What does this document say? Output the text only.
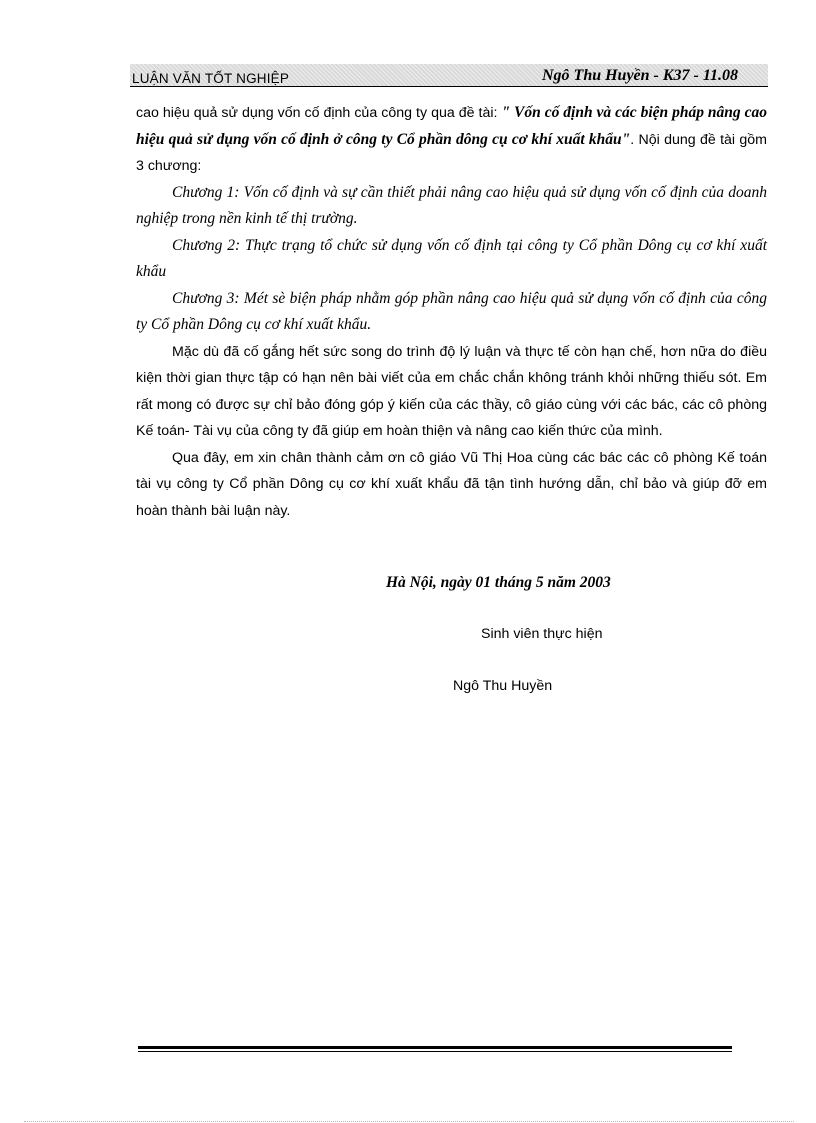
LUẬN VĂN TỐT NGHIỆP	Ngô Thu Huyền - K37 - 11.08

cao hiệu quả sử dụng vốn cố định của công ty qua đề tài: " Vốn cố định và các biện pháp nâng cao hiệu quả sử dụng vốn cố định ở công ty Cổ phần dông cụ cơ khí xuất khẩu". Nội dung đề tài gồm 3 chương:

Chương 1: Vốn cố định và sự cần thiết phải nâng cao hiệu quả sử dụng vốn cố định của doanh nghiệp trong nền kinh tế thị trường.

Chương 2: Thực trạng tổ chức sử dụng vốn cố định tại công ty Cổ phần Dông cụ cơ khí xuất khẩu

Chương 3: Mét sè biện pháp nhằm góp phần nâng cao hiệu quả sử dụng vốn cố định của công ty Cổ phần Dông cụ cơ khí xuất khẩu.

Mặc dù đã cố gắng hết sức song do trình độ lý luận và thực tế còn hạn chế, hơn nữa do điều kiện thời gian thực tập có hạn nên bài viết của em chắc chắn không tránh khỏi những thiếu sót. Em rất mong có được sự chỉ bảo đóng góp ý kiến của các thầy, cô giáo cùng với các bác, các cô phòng Kế toán- Tài vụ của công ty đã giúp em hoàn thiện và nâng cao kiến thức của mình.

Qua đây, em xin chân thành cảm ơn cô giáo Vũ Thị Hoa cùng các bác các cô phòng Kế toán tài vụ công ty Cổ phần Dông cụ cơ khí xuất khẩu đã tận tình hướng dẫn, chỉ bảo và giúp đỡ em hoàn thành bài luận này.

Hà Nội, ngày 01 tháng 5 năm 2003
Sinh viên thực hiện
Ngô Thu Huyền
